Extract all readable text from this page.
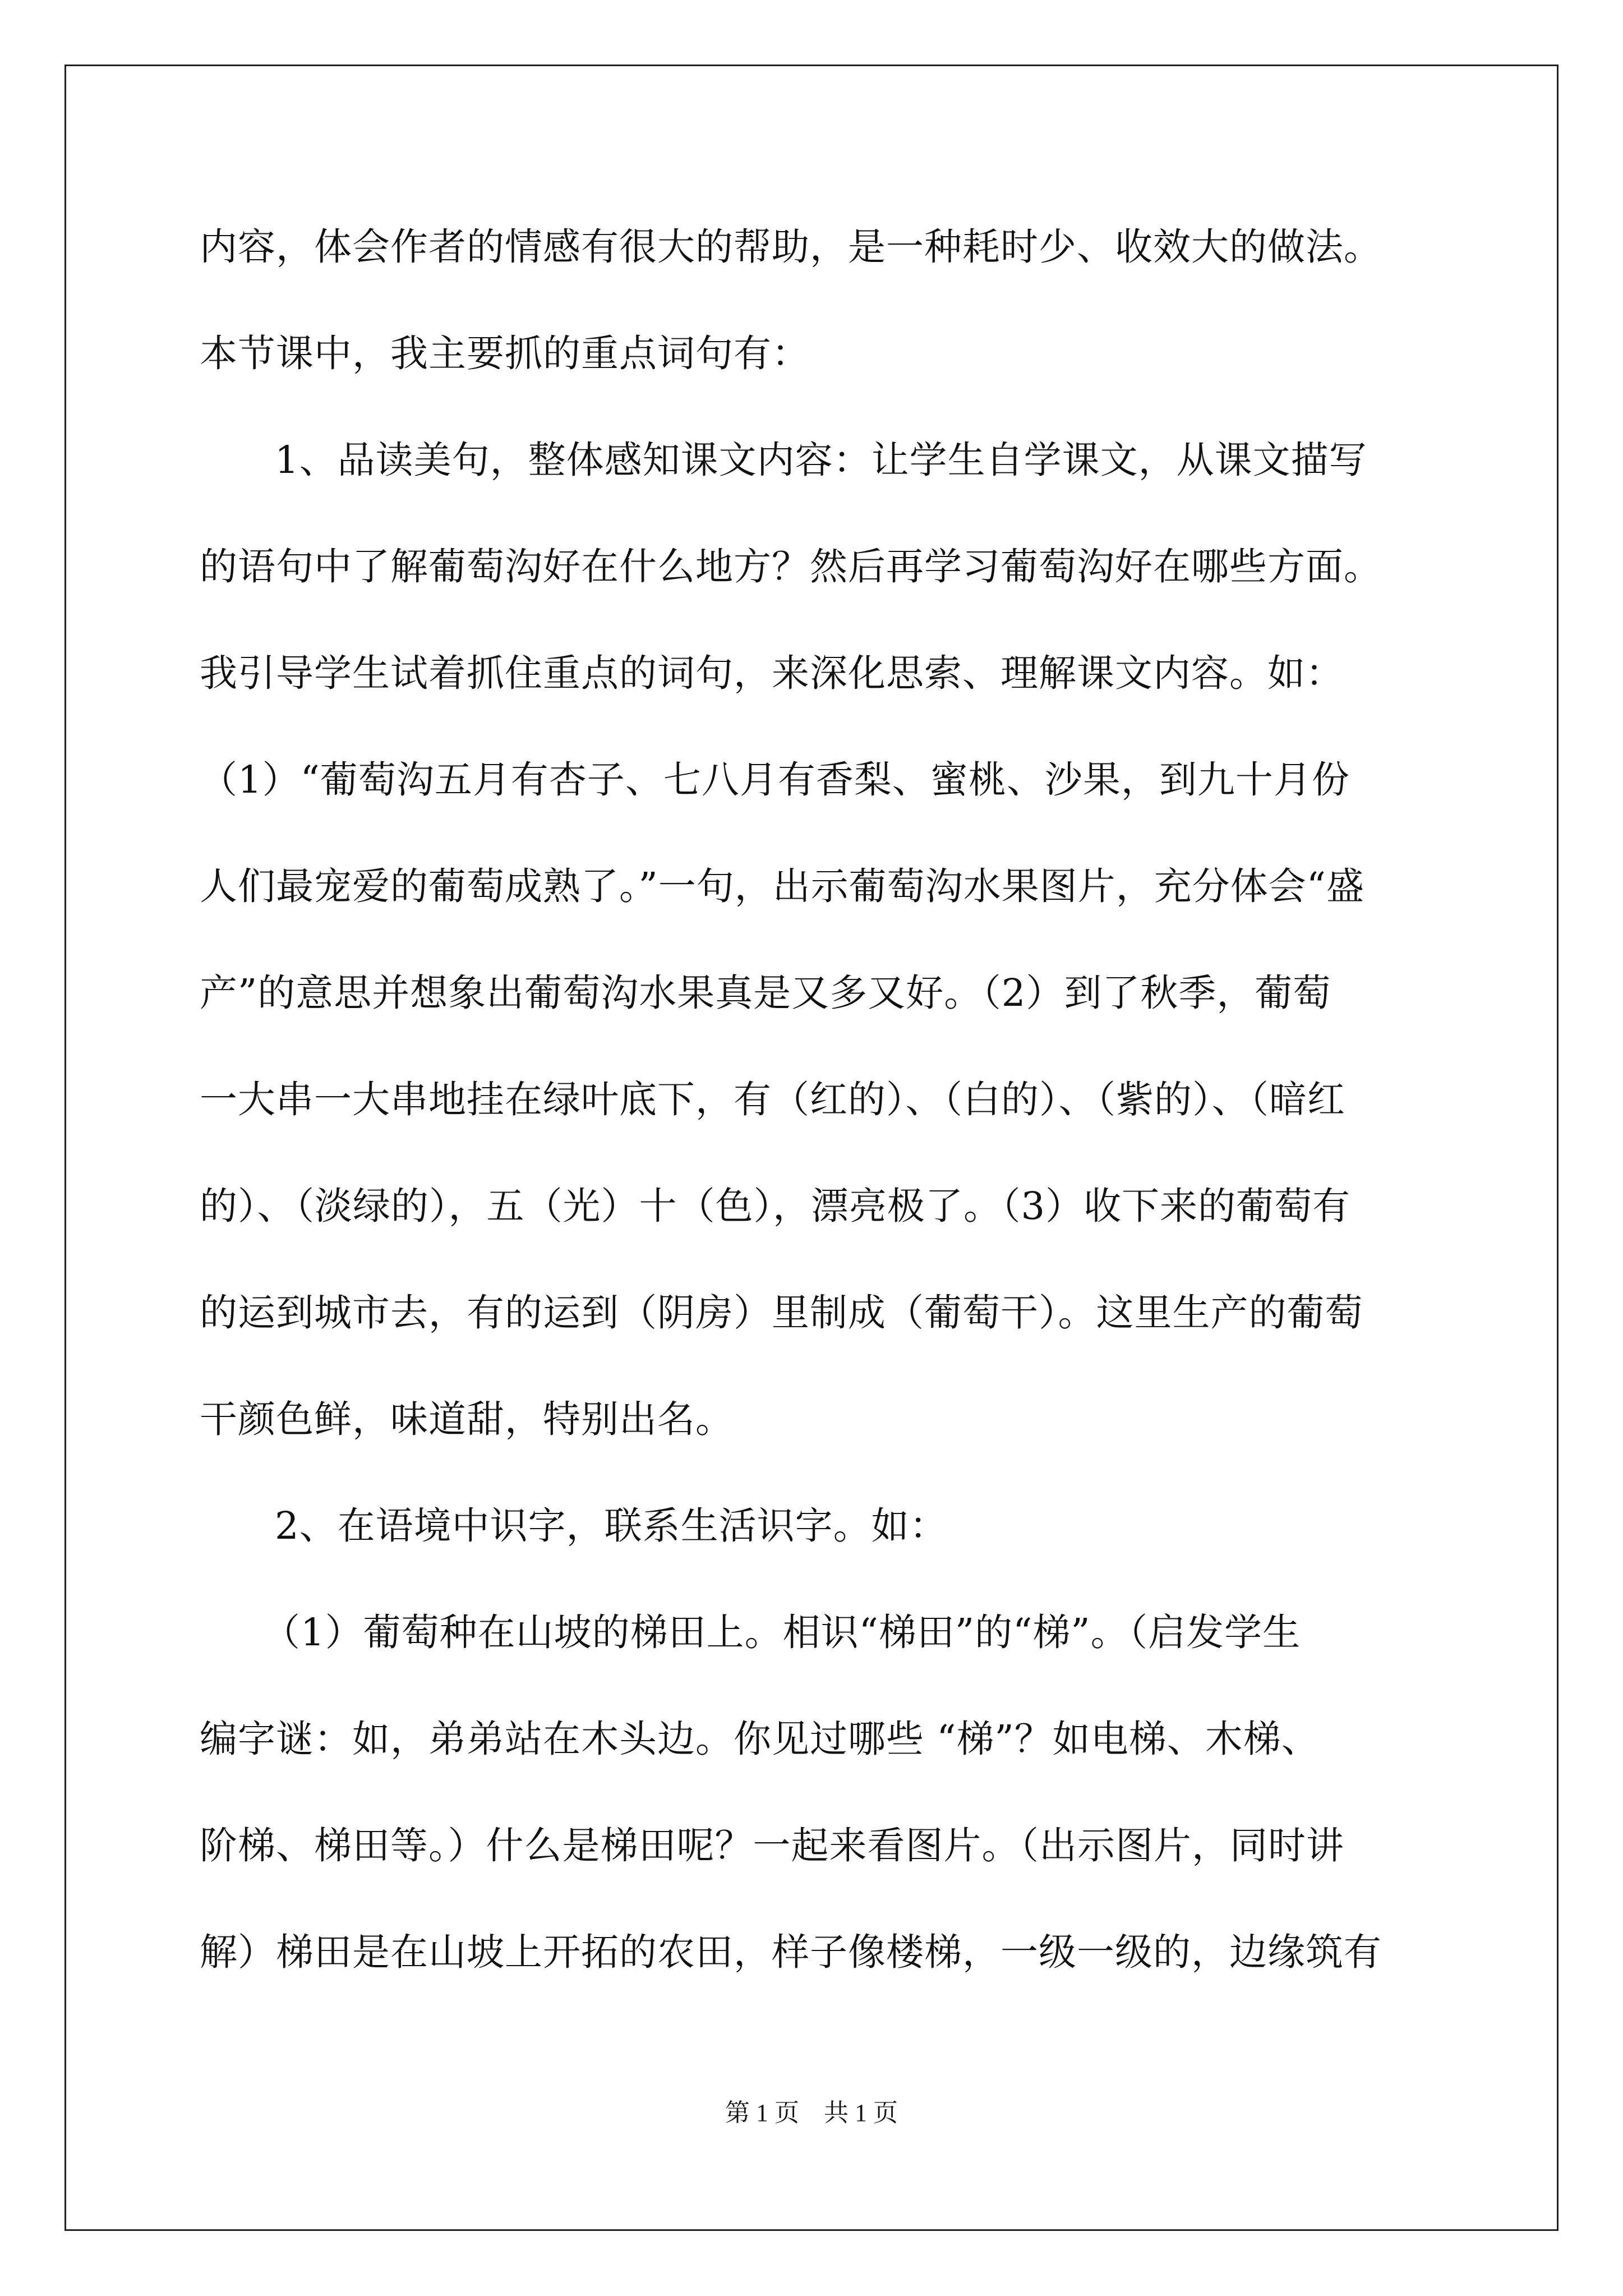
内容，体会作者的情感有很大的帮助，是一种耗时少、收效大的做法。
本节课中，我主要抓的重点词句有：
1、品读美句，整体感知课文内容：让学生自学课文，从课文描写
的语句中了解葡萄沟好在什么地方？然后再学习葡萄沟好在哪些方面。
我引导学生试着抓住重点的词句，来深化思索、理解课文内容。如：
（1）“葡萄沟五月有杏子、七八月有香梨、蜜桃、沙果，到九十月份
人们最宠爱的葡萄成熟了。”一句，出示葡萄沟水果图片，充分体会“盛
产”的意思并想象出葡萄沟水果真是又多又好。（2）到了秋季，葡萄
一大串一大串地挂在绿叶底下，有（红的）、（白的）、（紫的）、（暗红
的）、（淡绿的），五（光）十（色），漂亮极了。（3）收下来的葡萄有
的运到城市去，有的运到（阴房）里制成（葡萄干）。这里生产的葡萄
干颜色鲜，味道甜，特别出名。
2、在语境中识字，联系生活识字。如：
（1）葡萄种在山坡的梯田上。相识“梯田”的“梯”。（启发学生
编字谜：如，弟弟站在木头边。你见过哪些 “梯”？如电梯、木梯、
阶梯、梯田等。）什么是梯田呢？一起来看图片。（出示图片，同时讲
解）梯田是在山坡上开拓的农田，样子像楼梯，一级一级的，边缘筑有
第 1 页　共 1 页
